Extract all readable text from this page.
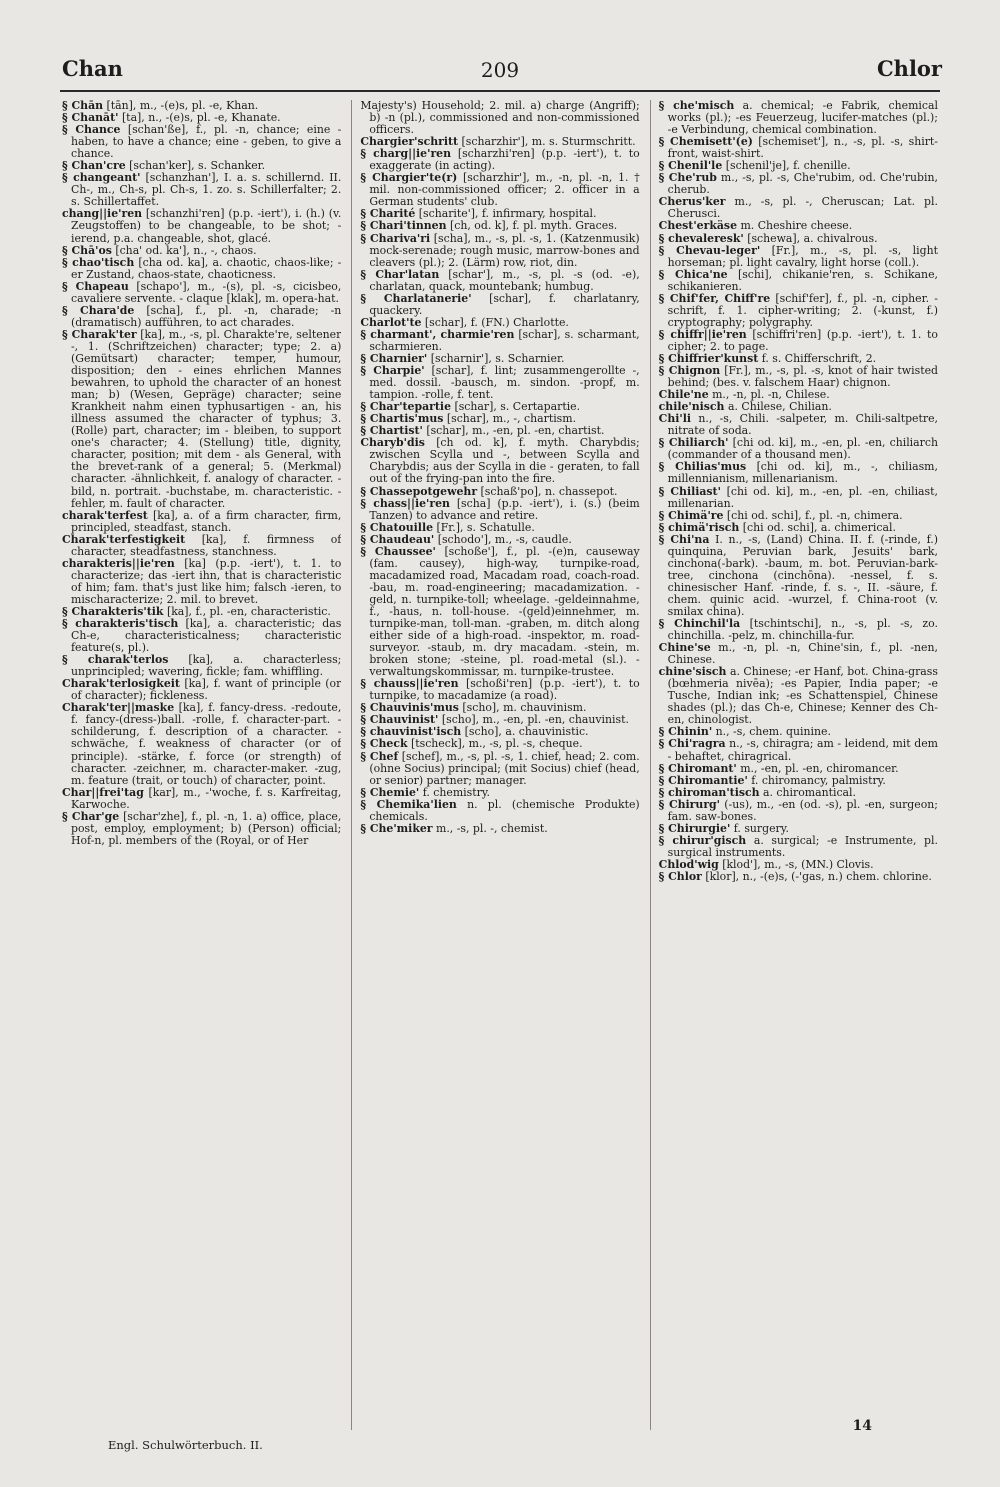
Chan	209	Chlor

§ Chān [tān], m., -(e)s, pl. -e, Khan.

§ Chanāt' [ta], n., -(e)s, pl. -e, Khanate.

§ Chance [schan'ße], f., pl. -n, chance; eine - haben, to have a chance; eine - geben, to give a chance.

§ Chan'cre [schan'ker], s. Schanker.

§ changeant' [schanzhan'], I. a. s. schillernd. II. Ch-, m., Ch-s, pl. Ch-s, 1. zo. s. Schillerfalter; 2. s. Schillertaffet.

chang||ie'ren [schanzhi'ren] (p.p. -iert'), i. (h.) (v. Zeugstoffen) to be changeable, to be shot; -ierend, p.a. changeable, shot, glacé.

§ Chā'os [cha' od. ka'], n., -, chaos.

§ chao'tisch [cha od. ka], a. chaotic, chaos-like; -er Zustand, chaos-state, chaoticness.

§ Chapeau [schapo'], m., -(s), pl. -s, cicisbeo, cavaliere servente. - claque [klak], m. opera-hat.

§ Chara'de [scha], f., pl. -n, charade; -n (dramatisch) aufführen, to act charades.

§ Charak'ter [ka], m., -s, pl. Charakte're, seltener -, 1. (Schriftzeichen) character; type; 2. a) (Gemütsart) character; temper, humour, disposition; den - eines ehrlichen Mannes bewahren, to uphold the character of an honest man; b) (Wesen, Gepräge) character; seine Krankheit nahm einen typhusartigen - an, his illness assumed the character of typhus; 3. (Rolle) part, character; im - bleiben, to support one's character; 4. (Stellung) title, dignity, character, position; mit dem - als General, with the brevet-rank of a general; 5. (Merkmal) character. -ähnlichkeit, f. analogy of character. -bild, n. portrait. -buchstabe, m. characteristic. -fehler, m. fault of character.

charak'terfest [ka], a. of a firm character, firm, principled, steadfast, stanch.

Charak'terfestigkeit [ka], f. firmness of character, steadfastness, stanchness.

charakteris||ie'ren [ka] (p.p. -iert'), t. 1. to characterize; das -iert ihn, that is characteristic of him; fam. that's just like him; falsch -ieren, to mischaracterize; 2. mil. to brevet.

§ Charakteris'tik [ka], f., pl. -en, characteristic.

§ charakteris'tisch [ka], a. characteristic; das Ch-e, characteristicalness; characteristic feature(s, pl.).

§ charak'terlos [ka], a. characterless; unprincipled; wavering, fickle; fam. whiffling.

Charak'terlosigkeit [ka], f. want of principle (or of character); fickleness.

Charak'ter||maske [ka], f. fancy-dress. -redoute, f. fancy-(dress-)ball. -rolle, f. character-part. -schilderung, f. description of a character. -schwäche, f. weakness of character (or of principle). -stärke, f. force (or strength) of character. -zeichner, m. character-maker. -zug, m. feature (trait, or touch) of character, point.

Char||frei'tag [kar], m., -'woche, f. s. Karfreitag, Karwoche.

§ Char'ge [schar'zhe], f., pl. -n, 1. a) office, place, post, employ, employment; b) (Person) official; Hof-n, pl. members of the (Royal, or of Her

Majesty's) Household; 2. mil. a) charge (Angriff); b) -n (pl.), commissioned and non-commissioned officers.

Chargier'schritt [scharzhir'], m. s. Sturmschritt.

§ charg||ie'ren [scharzhi'ren] (p.p. -iert'), t. to exaggerate (in acting).

§ Chargier'te(r) [scharzhir'], m., -n, pl. -n, 1. † mil. non-commissioned officer; 2. officer in a German students' club.

§ Charité [scharite'], f. infirmary, hospital.

§ Chari'tinnen [ch, od. k], f. pl. myth. Graces.

§ Chariva'ri [scha], m., -s, pl. -s, 1. (Katzenmusik) mock-serenade; rough music, marrow-bones and cleavers (pl.); 2. (Lärm) row, riot, din.

§ Char'latan [schar'], m., -s, pl. -s (od. -e), charlatan, quack, mountebank; humbug.

§ Charlatanerie' [schar], f. charlatanry, quackery.

Charlot'te [schar], f. (FN.) Charlotte.

§ charmant', charmie'ren [schar], s. scharmant, scharmieren.

§ Charnier' [scharnir'], s. Scharnier.

§ Charpie' [schar], f. lint; zusammengerollte -, med. dossil. -bausch, m. sindon. -propf, m. tampion. -rolle, f. tent.

§ Char'tepartie [schar], s. Certapartie.

§ Chartis'mus [schar], m., -, chartism.

§ Chartist' [schar], m., -en, pl. -en, chartist.

Charyb'dis [ch od. k], f. myth. Charybdis; zwischen Scylla und -, between Scylla and Charybdis; aus der Scylla in die - geraten, to fall out of the frying-pan into the fire.

§ Chassepotgewehr [schaß'po], n. chassepot.

§ chass||ie'ren [scha] (p.p. -iert'), i. (s.) (beim Tanzen) to advance and retire.

§ Chatouille [Fr.], s. Schatulle.

§ Chaudeau' [schodo'], m., -s, caudle.

§ Chaussee' [schoße'], f., pl. -(e)n, causeway (fam. causey), high-way, turnpike-road, macadamized road, Macadam road, coach-road. -bau, m. road-engineering; macadamization. -geld, n. turnpike-toll; wheelage. -geldeinnahme, f., -haus, n. toll-house. -(geld)einnehmer, m. turnpike-man, toll-man. -graben, m. ditch along either side of a high-road. -inspektor, m. road-surveyor. -staub, m. dry macadam. -stein, m. broken stone; -steine, pl. road-metal (sl.). -verwaltungskommissar, m. turnpike-trustee.

§ chauss||ie'ren [schoßi'ren] (p.p. -iert'), t. to turnpike, to macadamize (a road).

§ Chauvinis'mus [scho], m. chauvinism.

§ Chauvinist' [scho], m., -en, pl. -en, chauvinist.

§ chauvinist'isch [scho], a. chauvinistic.

§ Check [tscheck], m., -s, pl. -s, cheque.

§ Chef [schef], m., -s, pl. -s, 1. chief, head; 2. com. (ohne Socius) principal; (mit Socius) chief (head, or senior) partner; manager.

§ Chemie' f. chemistry.

§ Chemika'lien n. pl. (chemische Produkte) chemicals.

§ Che'miker m., -s, pl. -, chemist.

§ che'misch a. chemical; -e Fabrik, chemical works (pl.); -es Feuerzeug, lucifer-matches (pl.); -e Verbindung, chemical combination.

§ Chemisett'(e) [schemiset'], n., -s, pl. -s, shirt-front, waist-shirt.

§ Chenil'le [schenil'je], f. chenille.

§ Che'rub m., -s, pl. -s, Che'rubim, od. Che'rubin, cherub.

Cherus'ker m., -s, pl. -, Cheruscan; Lat. pl. Cherusci.

Chest'erkäse m. Cheshire cheese.

§ chevaleresk' [schewa], a. chivalrous.

§ Chevau-leger' [Fr.], m., -s, pl. -s, light horseman; pl. light cavalry, light horse (coll.).

§ Chica'ne [schi], chikanie'ren, s. Schikane, schikanieren.

§ Chif'fer, Chiff're [schif'fer], f., pl. -n, cipher. -schrift, f. 1. cipher-writing; 2. (-kunst, f.) cryptography; polygraphy.

§ chiffr||ie'ren [schiffri'ren] (p.p. -iert'), t. 1. to cipher; 2. to page.

§ Chiffrier'kunst f. s. Chifferschrift, 2.

§ Chignon [Fr.], m., -s, pl. -s, knot of hair twisted behind; (bes. v. falschem Haar) chignon.

Chile'ne m., -n, pl. -n, Chilese.

chile'nisch a. Chilese, Chilian.

Chi'li n., -s, Chili. -salpeter, m. Chili-saltpetre, nitrate of soda.

§ Chiliarch' [chi od. ki], m., -en, pl. -en, chiliarch (commander of a thousand men).

§ Chilias'mus [chi od. ki], m., -, chiliasm, millennianism, millenarianism.

§ Chiliast' [chi od. ki], m., -en, pl. -en, chiliast, millenarian.

§ Chimä're [chi od. schi], f., pl. -n, chimera.

§ chimä'risch [chi od. schi], a. chimerical.

§ Chi'na I. n., -s, (Land) China. II. f. (-rinde, f.) quinquina, Peruvian bark, Jesuits' bark, cinchona(-bark). -baum, m. bot. Peruvian-bark-tree, cinchona (cinchōna). -nessel, f. s. chinesischer Hanf. -rinde, f. s. -, II. -säure, f. chem. quinic acid. -wurzel, f. China-root (v. smilax china).

§ Chinchil'la [tschintschi], n., -s, pl. -s, zo. chinchilla. -pelz, m. chinchilla-fur.

Chine'se m., -n, pl. -n, Chine'sin, f., pl. -nen, Chinese.

chine'sisch a. Chinese; -er Hanf, bot. China-grass (bœhmeria nivēa); -es Papier, India paper; -e Tusche, Indian ink; -es Schattenspiel, Chinese shades (pl.); das Ch-e, Chinese; Kenner des Ch-en, chinologist.

§ Chinin' n., -s, chem. quinine.

§ Chi'ragra n., -s, chiragra; am - leidend, mit dem - behaftet, chiragrical.

§ Chiromant' m., -en, pl. -en, chiromancer.

§ Chiromantie' f. chiromancy, palmistry.

§ chiroman'tisch a. chiromantical.

§ Chirurg' (-us), m., -en (od. -s), pl. -en, surgeon; fam. saw-bones.

§ Chirurgie' f. surgery.

§ chirur'gisch a. surgical; -e Instrumente, pl. surgical instruments.

Chlod'wig [klod'], m., -s, (MN.) Clovis.

§ Chlor [klor], n., -(e)s, (-'gas, n.) chem. chlorine.

Engl. Schulwörterbuch. II.
14
